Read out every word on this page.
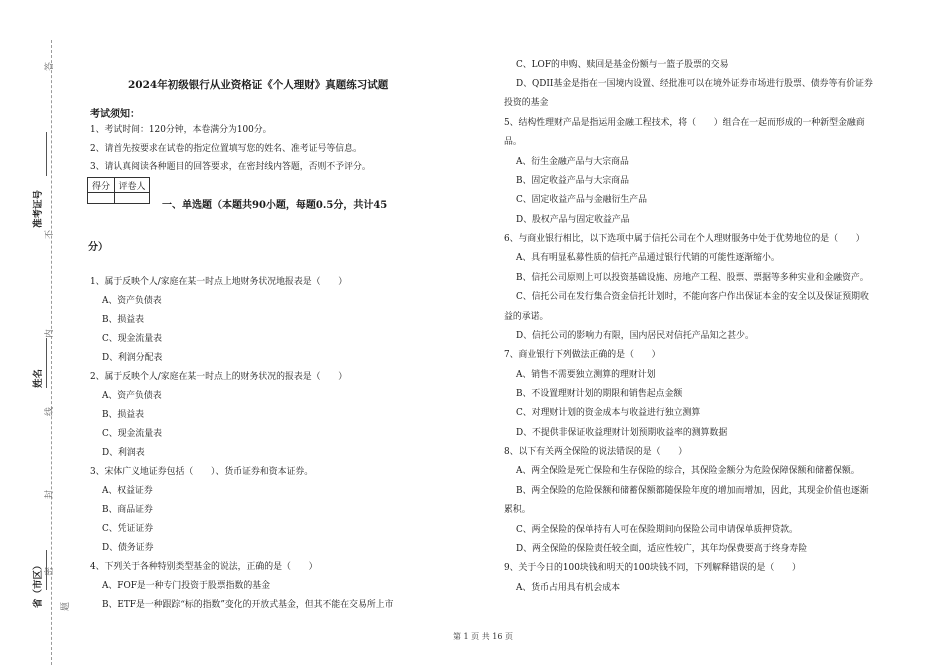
答
不
内
线
封
密
题
准考证号
姓名
省（市区）
2024年初级银行从业资格证《个人理财》真题练习试题
考试须知：
1、考试时间：120分钟，本卷满分为100分。
2、请首先按要求在试卷的指定位置填写您的姓名、准考证号等信息。
3、请认真阅读各种题目的回答要求，在密封线内答题，否则不予评分。
得分	评卷人

一、单选题（本题共90小题，每题0.5分，共计45
分）
1、属于反映个人/家庭在某一时点上地财务状况地报表是（　　）
A、资产负债表
B、损益表
C、现金流量表
D、利润分配表
2、属于反映个人/家庭在某一时点上的财务状况的报表是（　　）
A、资产负债表
B、损益表
C、现金流量表
D、利润表
3、宋体广义地证券包括（　　）、货币证券和资本证券。
A、权益证券
B、商品证券
C、凭证证券
D、债务证券
4、下列关于各种特别类型基金的说法，正确的是（　　）
A、FOF是一种专门投资于股票指数的基金
B、ETF是一种跟踪“标的指数”变化的开放式基金，但其不能在交易所上市
C、LOF的申购、赎回是基金份额与一篮子股票的交易
D、QDII基金是指在一国境内设置、经批准可以在境外证券市场进行股票、债券等有价证券
投资的基金
5、结构性理财产品是指运用金融工程技术，将（　　）组合在一起而形成的一种新型金融商
品。
A、衍生金融产品与大宗商品
B、固定收益产品与大宗商品
C、固定收益产品与金融衍生产品
D、股权产品与固定收益产品
6、与商业银行相比，以下选项中属于信托公司在个人理财服务中处于优势地位的是（　　）
A、具有明显私募性质的信托产品通过银行代销的可能性逐渐缩小。
B、信托公司原则上可以投资基础设施、房地产工程、股票、票据等多种实业和金融资产。
C、信托公司在发行集合资金信托计划时，不能向客户作出保证本金的安全以及保证预期收
益的承诺。
D、信托公司的影响力有限，国内居民对信托产品知之甚少。
7、商业银行下列做法正确的是（　　）
A、销售不需要独立测算的理财计划
B、不设置理财计划的期限和销售起点金额
C、对理财计划的资金成本与收益进行独立测算
D、不提供非保证收益理财计划预期收益率的测算数据
8、以下有关两全保险的说法错误的是（　　）
A、两全保险是死亡保险和生存保险的综合，其保险金额分为危险保障保额和储蓄保额。
B、两全保险的危险保额和储蓄保额都随保险年度的增加而增加，因此，其现金价值也逐渐
累积。
C、两全保险的保单持有人可在保险期间向保险公司申请保单质押贷款。
D、两全保险的保险责任较全面，适应性较广，其年均保费要高于终身寿险
9、关于今日的100块钱和明天的100块钱不同，下列解释错误的是（　　）
A、货币占用具有机会成本
第 1 页 共 16 页
